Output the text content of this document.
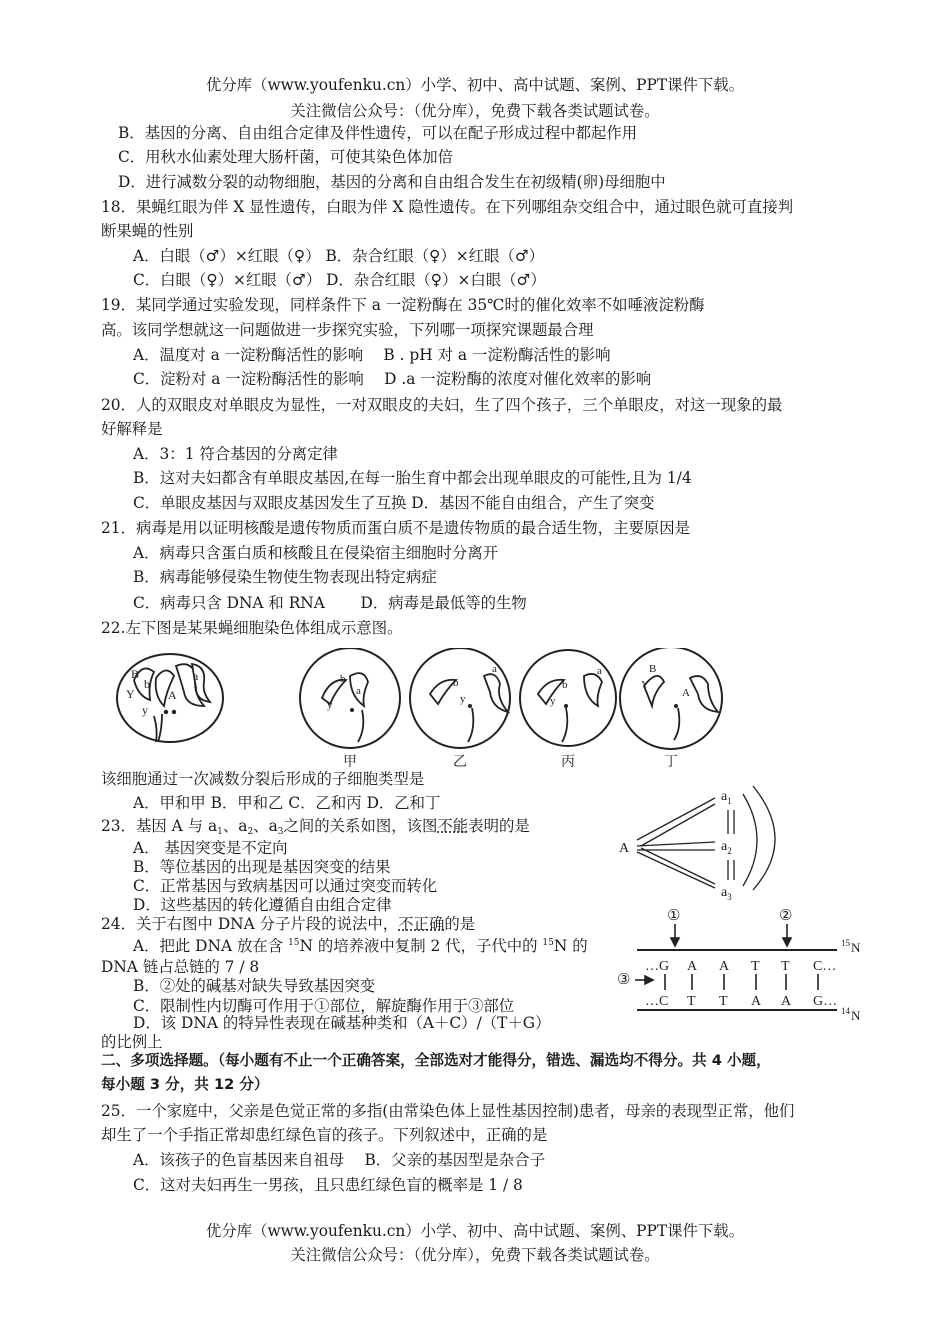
优分库（www.youfenku.cn）小学、初中、高中试题、案例、PPT课件下载。
关注微信公众号：（优分库），免费下载各类试题试卷。
B．基因的分离、自由组合定律及伴性遗传，可以在配子形成过程中都起作用
C．用秋水仙素处理大肠杆菌，可使其染色体加倍
D．进行减数分裂的动物细胞，基因的分离和自由组合发生在初级精(卵)母细胞中
18．果蝇红眼为伴 X 显性遗传，白眼为伴 X 隐性遗传。在下列哪组杂交组合中，通过眼色就可直接判
断果蝇的性别
A．白眼（♂）×红眼（♀） B．杂合红眼（♀）×红眼（♂）
C．白眼（♀）×红眼（♂） D．杂合红眼（♀）×白眼（♂）
19．某同学通过实验发现，同样条件下 a 一淀粉酶在 35℃时的催化效率不如唾液淀粉酶
高。该同学想就这一问题做进一步探究实验，下列哪一项探究课题最合理
A．温度对 a 一淀粉酶活性的影响　 B . pH 对 a 一淀粉酶活性的影响
C．淀粉对 a 一淀粉酶活性的影响　 D .a 一淀粉酶的浓度对催化效率的影响
20．人的双眼皮对单眼皮为显性，一对双眼皮的夫妇，生了四个孩子，三个单眼皮，对这一现象的最
好解释是
A．3：1 符合基因的分离定律
B．这对夫妇都含有单眼皮基因,在每一胎生育中都会出现单眼皮的可能性,且为 1/4
C．单眼皮基因与双眼皮基因发生了互换 D．基因不能自由组合，产生了突变
21．病毒是用以证明核酸是遗传物质而蛋白质不是遗传物质的最合适生物，主要原因是
A．病毒只含蛋白质和核酸且在侵染宿主细胞时分离开
B．病毒能够侵染生物使生物表现出特定病症
C．病毒只含 DNA 和 RNA　　 D．病毒是最低等的生物
22.左下图是某果蝇细胞染色体组成示意图。
B
b
a
A
Y
y
b
y
a
b
a
y
b
a
y
B
A
Y
甲	乙	丙	丁
该细胞通过一次减数分裂后形成的子细胞类型是
A．甲和甲 B．甲和乙 C．乙和丙 D．乙和丁
23．基因 A 与 $a_1$、$a_2$、$a_3$之间的关系如图，该图不能表明的是
A． 基因突变是不定向
B．等位基因的出现是基因突变的结果
C．正常基因与致病基因可以通过突变而转化
D．这些基因的转化遵循自由组合定律
A
$a_1$
$a_2$
$a_3$
24．关于右图中 DNA 分子片段的说法中，不正确的是
A．把此 DNA 放在含 $^{15}$N 的培养液中复制 2 代，子代中的 $^{15}$N 的
DNA 链占总链的 7 / 8
B．②处的碱基对缺失导致基因突变
C．限制性内切酶可作用于①部位，解旋酶作用于③部位
D．该 DNA 的特异性表现在碱基种类和（A＋C）/（T＋G）
的比例上
①	②
③
…G A A T T C…
…C T T A A G…
15 N
14 N
二、多项选择题。（每小题有不止一个正确答案，全部选对才能得分，错选、漏选均不得分。共 4 小题，
每小题 3 分，共 12 分）
25．一个家庭中，父亲是色觉正常的多指(由常染色体上显性基因控制)患者，母亲的表现型正常，他们
却生了一个手指正常却患红绿色盲的孩子。下列叙述中，正确的是
A．该孩子的色盲基因来自祖母　 B．父亲的基因型是杂合子
C．这对夫妇再生一男孩，且只患红绿色盲的概率是 1 / 8
优分库（www.youfenku.cn）小学、初中、高中试题、案例、PPT课件下载。
关注微信公众号：（优分库），免费下载各类试题试卷。
